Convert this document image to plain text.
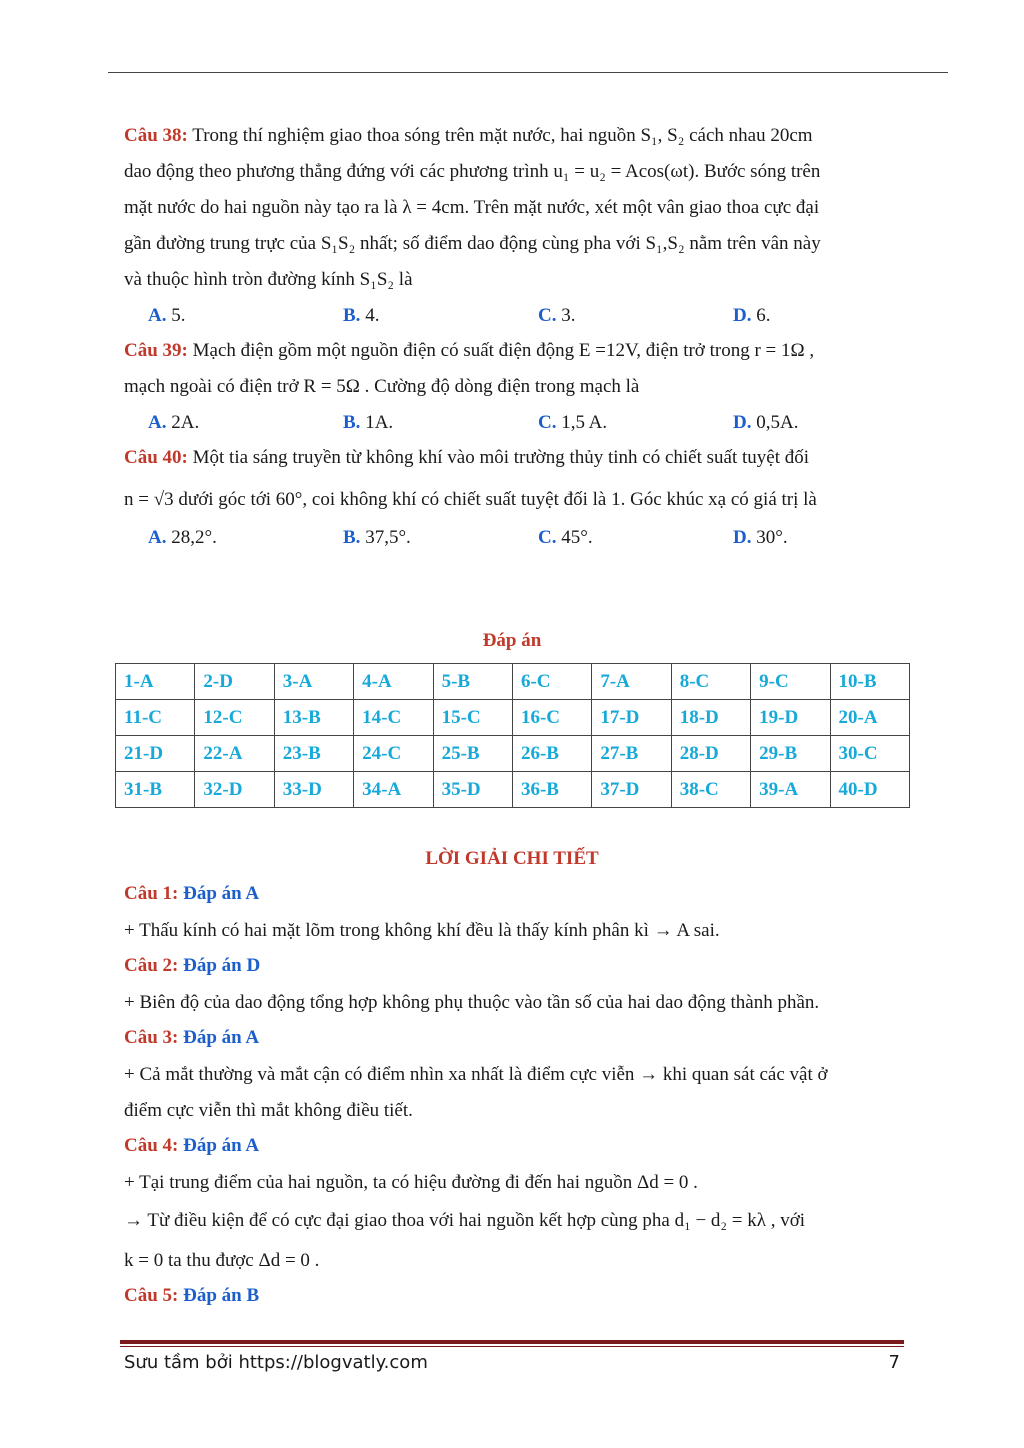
Câu 38: Trong thí nghiệm giao thoa sóng trên mặt nước, hai nguồn S₁, S₂ cách nhau 20cm
dao động theo phương thẳng đứng với các phương trình u₁ = u₂ = Acos(ωt). Bước sóng trên
mặt nước do hai nguồn này tạo ra là λ = 4cm. Trên mặt nước, xét một vân giao thoa cực đại
gần đường trung trực của S₁S₂ nhất; số điểm dao động cùng pha với S₁,S₂ nằm trên vân này
và thuộc hình tròn đường kính S₁S₂ là
A. 5.	B. 4.	C. 3.	D. 6.
Câu 39: Mạch điện gồm một nguồn điện có suất điện động E =12V, điện trở trong r = 1Ω ,
mạch ngoài có điện trở R = 5Ω . Cường độ dòng điện trong mạch là
A. 2A.	B. 1A.	C. 1,5 A.	D. 0,5A.
Câu 40: Một tia sáng truyền từ không khí vào môi trường thủy tinh có chiết suất tuyệt đối
n = √3 dưới góc tới 60°, coi không khí có chiết suất tuyệt đối là 1. Góc khúc xạ có giá trị là
A. 28,2°.	B. 37,5°.	C. 45°.	D. 30°.
Đáp án
1-A	2-D	3-A	4-A	5-B	6-C	7-A	8-C	9-C	10-B
11-C	12-C	13-B	14-C	15-C	16-C	17-D	18-D	19-D	20-A
21-D	22-A	23-B	24-C	25-B	26-B	27-B	28-D	29-B	30-C
31-B	32-D	33-D	34-A	35-D	36-B	37-D	38-C	39-A	40-D
LỜI GIẢI CHI TIẾT
Câu 1: Đáp án A
+ Thấu kính có hai mặt lõm trong không khí đều là thấy kính phân kì → A sai.
Câu 2: Đáp án D
+ Biên độ của dao động tổng hợp không phụ thuộc vào tần số của hai dao động thành phần.
Câu 3: Đáp án A
+ Cả mắt thường và mắt cận có điểm nhìn xa nhất là điểm cực viễn → khi quan sát các vật ở
điểm cực viễn thì mắt không điều tiết.
Câu 4: Đáp án A
+ Tại trung điểm của hai nguồn, ta có hiệu đường đi đến hai nguồn Δd = 0 .
→ Từ điều kiện để có cực đại giao thoa với hai nguồn kết hợp cùng pha d₁ − d₂ = kλ , với
k = 0 ta thu được Δd = 0 .
Câu 5: Đáp án B
Sưu tầm bởi https://blogvatly.com	7
